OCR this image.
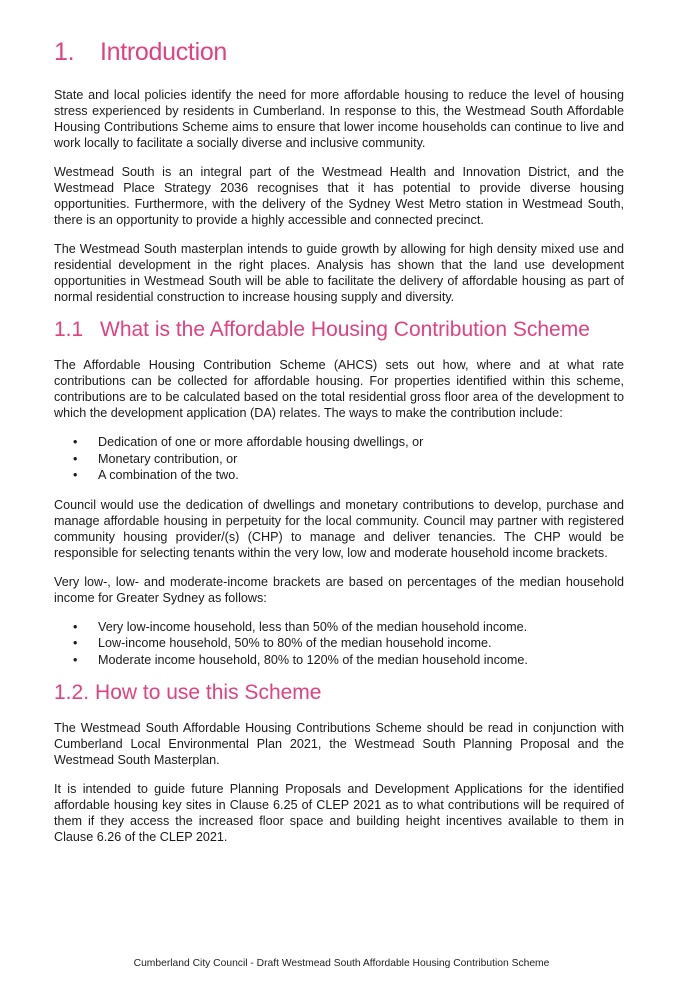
1. Introduction

State and local policies identify the need for more affordable housing to reduce the level of housing stress experienced by residents in Cumberland. In response to this, the Westmead South Affordable Housing Contributions Scheme aims to ensure that lower income households can continue to live and work locally to facilitate a socially diverse and inclusive community.

Westmead South is an integral part of the Westmead Health and Innovation District, and the Westmead Place Strategy 2036 recognises that it has potential to provide diverse housing opportunities. Furthermore, with the delivery of the Sydney West Metro station in Westmead South, there is an opportunity to provide a highly accessible and connected precinct.

The Westmead South masterplan intends to guide growth by allowing for high density mixed use and residential development in the right places. Analysis has shown that the land use development opportunities in Westmead South will be able to facilitate the delivery of affordable housing as part of normal residential construction to increase housing supply and diversity.

1.1 What is the Affordable Housing Contribution Scheme

The Affordable Housing Contribution Scheme (AHCS) sets out how, where and at what rate contributions can be collected for affordable housing. For properties identified within this scheme, contributions are to be calculated based on the total residential gross floor area of the development to which the development application (DA) relates. The ways to make the contribution include:

• Dedication of one or more affordable housing dwellings, or
• Monetary contribution, or
• A combination of the two.

Council would use the dedication of dwellings and monetary contributions to develop, purchase and manage affordable housing in perpetuity for the local community. Council may partner with registered community housing provider/(s) (CHP) to manage and deliver tenancies. The CHP would be responsible for selecting tenants within the very low, low and moderate household income brackets.

Very low-, low- and moderate-income brackets are based on percentages of the median household income for Greater Sydney as follows:

• Very low-income household, less than 50% of the median household income.
• Low-income household, 50% to 80% of the median household income.
• Moderate income household, 80% to 120% of the median household income.
1.2. How to use this Scheme

The Westmead South Affordable Housing Contributions Scheme should be read in conjunction with Cumberland Local Environmental Plan 2021, the Westmead South Planning Proposal and the Westmead South Masterplan.

It is intended to guide future Planning Proposals and Development Applications for the identified affordable housing key sites in Clause 6.25 of CLEP 2021 as to what contributions will be required of them if they access the increased floor space and building height incentives available to them in Clause 6.26 of the CLEP 2021.

Cumberland City Council - Draft Westmead South Affordable Housing Contribution Scheme
